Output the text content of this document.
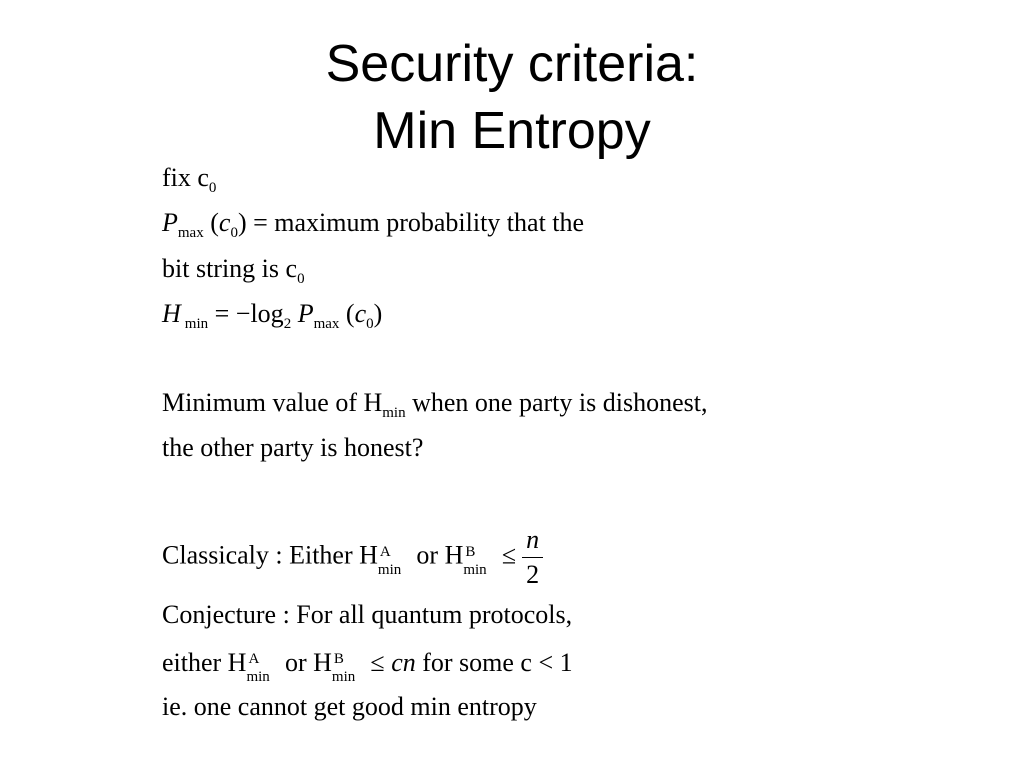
Security criteria:
Min Entropy
fix $c_0$
$P_{max}$ $(c_0)$ = maximum probability that the
bit string is $c_0$
H $_{min} = -\log_2$ $P_{max}$ $(c_0)$
Minimum value of $H_{min}$ when one party is dishonest,
the other party is honest?
Classicaly : Either H A
min
or H B
min
≤ $\frac{n}{2}$
Conjecture : For all quantum protocols,
either H A
min
or H B
min
≤ cn for some c < 1
ie. one cannot get good min entropy
